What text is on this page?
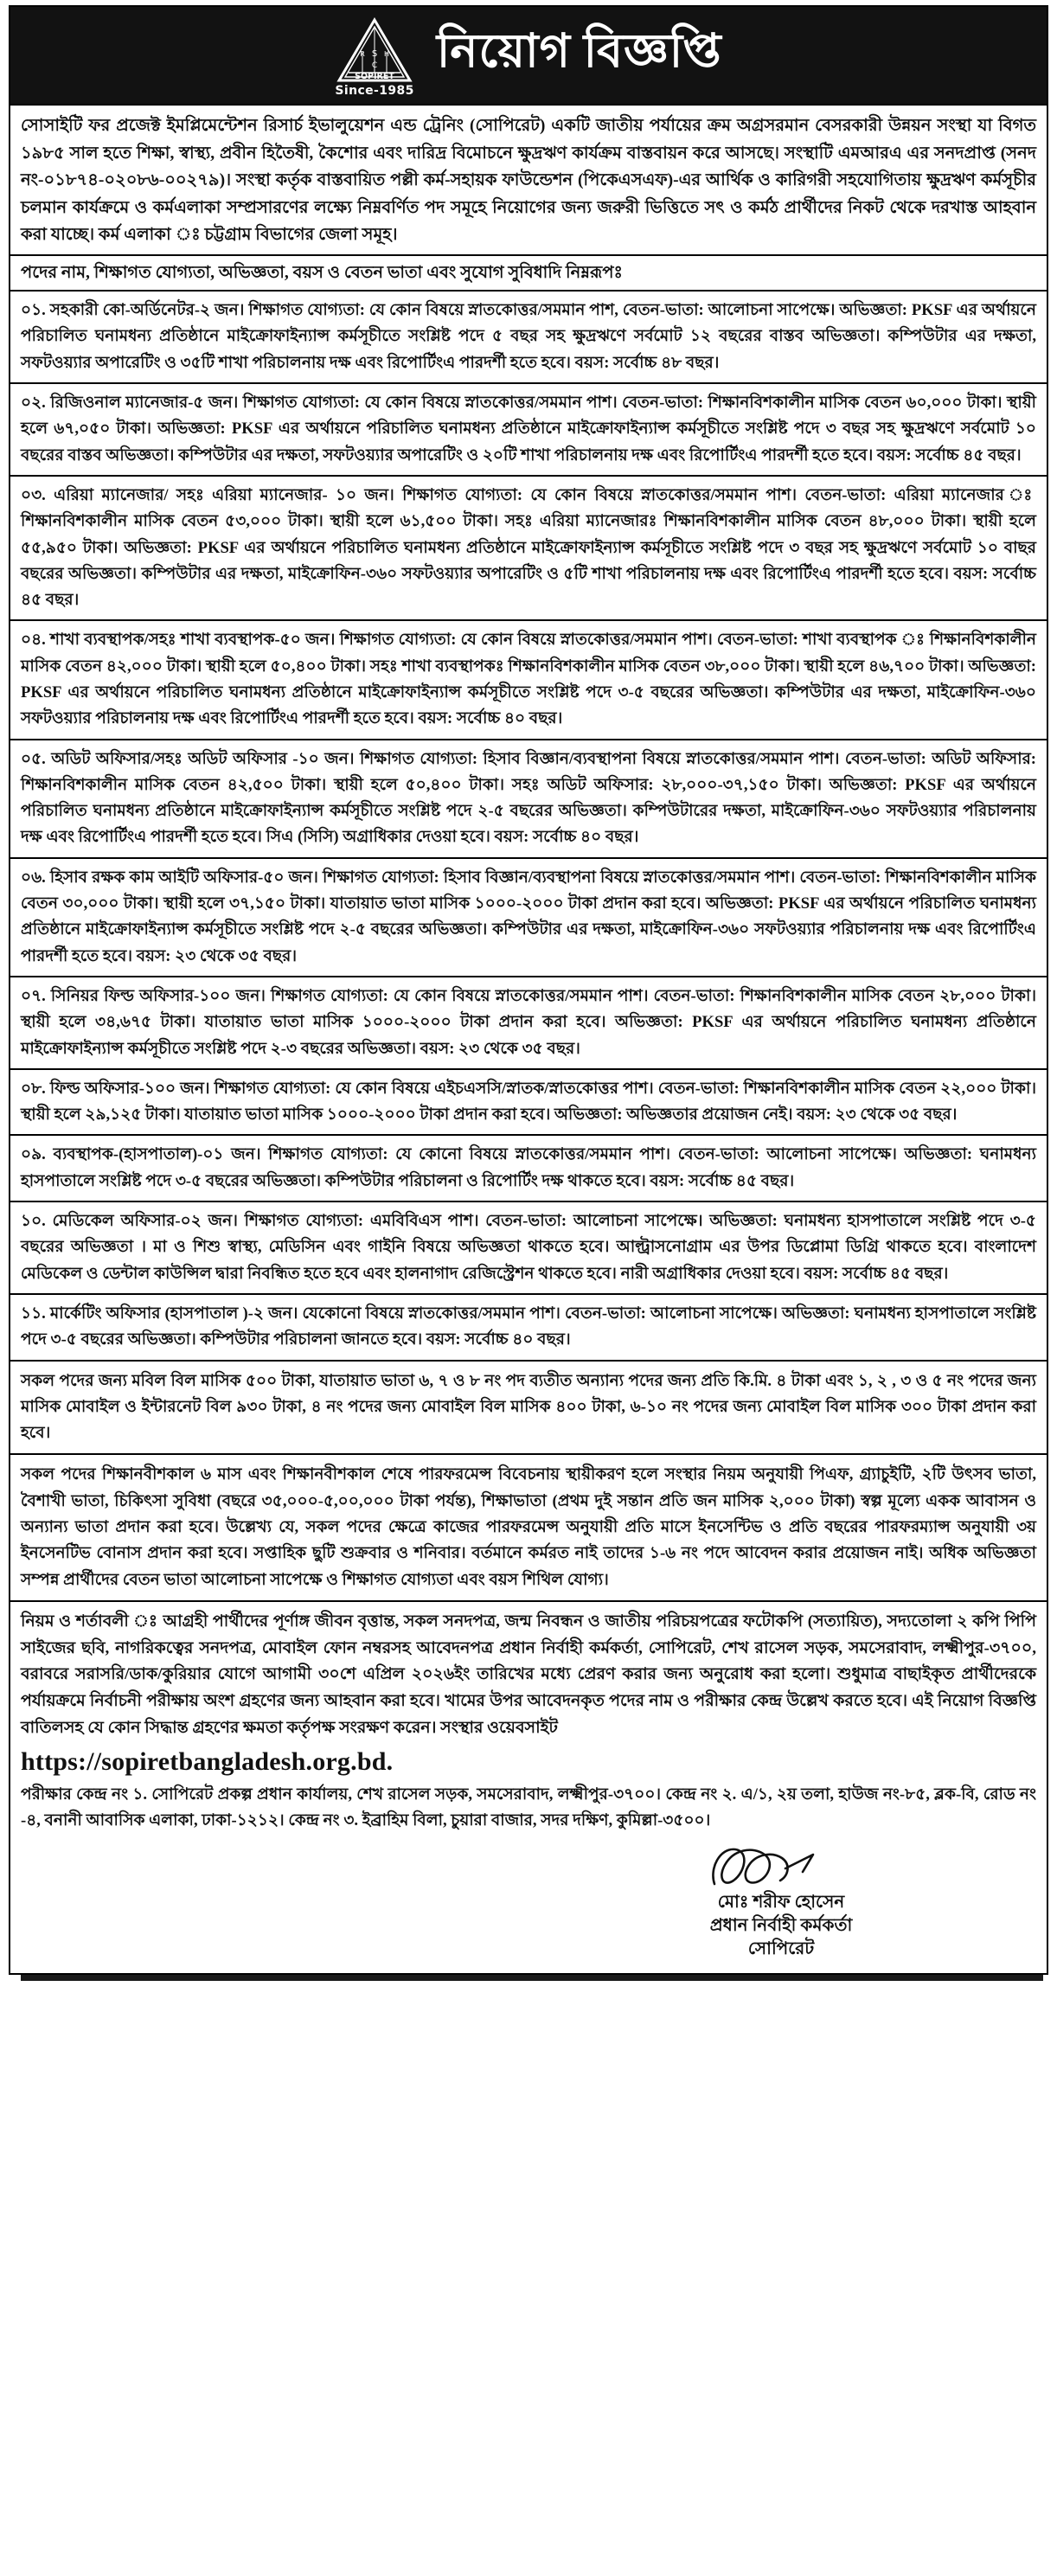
I
S
R	H
C
SOPIRET
Since-1985
নিয়োগ বিজ্ঞপ্তি
সোসাইটি ফর প্রজেক্ট ইমপ্লিমেন্টেশন রিসার্চ ইভালুয়েশন এন্ড ট্রেনিং (সোপিরেট) একটি জাতীয় পর্যায়ের ক্রম অগ্রসরমান বেসরকারী উন্নয়ন সংস্থা যা বিগত ১৯৮৫ সাল হতে শিক্ষা, স্বাস্থ্য, প্রবীন হিতৈষী, কৈশোর এবং দারিদ্র বিমোচনে ক্ষুদ্রঋণ কার্যক্রম বাস্তবায়ন করে আসছে। সংস্থাটি এমআরএ এর সনদপ্রাপ্ত (সনদ নং-০১৮৭৪-০২০৮৬-০০২৭৯)। সংস্থা কর্তৃক বাস্তবায়িত পল্লী কর্ম-সহায়ক ফাউন্ডেশন (পিকেএসএফ)-এর আর্থিক ও কারিগরী সহযোগিতায় ক্ষুদ্রঋণ কর্মসূচীর চলমান কার্যক্রমে ও কর্মএলাকা সম্প্রসারণের লক্ষ্যে নিম্নবর্ণিত পদ সমূহে নিয়োগের জন্য জরুরী ভিত্তিতে সৎ ও কর্মঠ প্রার্থীদের নিকট থেকে দরখাস্ত আহবান করা যাচ্ছে। কর্ম এলাকা ঃ চট্টগ্রাম বিভাগের জেলা সমূহ।
পদের নাম, শিক্ষাগত যোগ্যতা, অভিজ্ঞতা, বয়স ও বেতন ভাতা এবং সুযোগ সুবিধাদি নিম্নরূপঃ
০১. সহকারী কো-অর্ডিনেটর-২ জন। শিক্ষাগত যোগ্যতা: যে কোন বিষয়ে স্নাতকোত্তর/সমমান পাশ, বেতন-ভাতা: আলোচনা সাপেক্ষে। অভিজ্ঞতা: PKSF এর অর্থায়নে পরিচালিত ঘনামধন্য প্রতিষ্ঠানে মাইক্রোফাইন্যান্স কর্মসূচীতে সংশ্লিষ্ট পদে ৫ বছর সহ ক্ষুদ্রঋণে সর্বমোট ১২ বছরের বাস্তব অভিজ্ঞতা। কম্পিউটার এর দক্ষতা, সফটওয়্যার অপারেটিং ও ৩৫টি শাখা পরিচালনায় দক্ষ এবং রিপোর্টিংএ পারদর্শী হতে হবে। বয়স: সর্বোচ্চ ৪৮ বছর।
০২. রিজিওনাল ম্যানেজার-৫ জন। শিক্ষাগত যোগ্যতা: যে কোন বিষয়ে স্নাতকোত্তর/সমমান পাশ। বেতন-ভাতা: শিক্ষানবিশকালীন মাসিক বেতন ৬০,০০০ টাকা। স্থায়ী হলে ৬৭,০৫০ টাকা। অভিজ্ঞতা: PKSF এর অর্থায়নে পরিচালিত ঘনামধন্য প্রতিষ্ঠানে মাইক্রোফাইন্যান্স কর্মসূচীতে সংশ্লিষ্ট পদে ৩ বছর সহ ক্ষুদ্রঋণে সর্বমোট ১০ বছরের বাস্তব অভিজ্ঞতা। কম্পিউটার এর দক্ষতা, সফটওয়্যার অপারেটিং ও ২০টি শাখা পরিচালনায় দক্ষ এবং রিপোর্টিংএ পারদর্শী হতে হবে। বয়স: সর্বোচ্চ ৪৫ বছর।
০৩. এরিয়া ম্যানেজার/ সহঃ এরিয়া ম্যানেজার- ১০ জন। শিক্ষাগত যোগ্যতা: যে কোন বিষয়ে স্নাতকোত্তর/সমমান পাশ। বেতন-ভাতা: এরিয়া ম্যানেজার ঃ শিক্ষানবিশকালীন মাসিক বেতন ৫৩,০০০ টাকা। স্থায়ী হলে ৬১,৫০০ টাকা। সহঃ এরিয়া ম্যানেজারঃ শিক্ষানবিশকালীন মাসিক বেতন ৪৮,০০০ টাকা। স্থায়ী হলে ৫৫,৯৫০ টাকা। অভিজ্ঞতা: PKSF এর অর্থায়নে পরিচালিত ঘনামধন্য প্রতিষ্ঠানে মাইক্রোফাইন্যান্স কর্মসূচীতে সংশ্লিষ্ট পদে ৩ বছর সহ ক্ষুদ্রঋণে সর্বমোট ১০ বাছর বছরের অভিজ্ঞতা। কম্পিউটার এর দক্ষতা, মাইক্রোফিন-৩৬০ সফটওয়্যার অপারেটিং ও ৫টি শাখা পরিচালনায় দক্ষ এবং রিপোর্টিংএ পারদর্শী হতে হবে। বয়স: সর্বোচ্চ ৪৫ বছর।
০৪. শাখা ব্যবস্থাপক/সহঃ শাখা ব্যবস্থাপক-৫০ জন। শিক্ষাগত যোগ্যতা: যে কোন বিষয়ে স্নাতকোত্তর/সমমান পাশ। বেতন-ভাতা: শাখা ব্যবস্থাপক ঃ শিক্ষানবিশকালীন মাসিক বেতন ৪২,০০০ টাকা। স্থায়ী হলে ৫০,৪০০ টাকা। সহঃ শাখা ব্যবস্থাপকঃ শিক্ষানবিশকালীন মাসিক বেতন ৩৮,০০০ টাকা। স্থায়ী হলে ৪৬,৭০০ টাকা। অভিজ্ঞতা: PKSF এর অর্থায়নে পরিচালিত ঘনামধন্য প্রতিষ্ঠানে মাইক্রোফাইন্যান্স কর্মসূচীতে সংশ্লিষ্ট পদে ৩-৫ বছরের অভিজ্ঞতা। কম্পিউটার এর দক্ষতা, মাইক্রোফিন-৩৬০ সফটওয়্যার পরিচালনায় দক্ষ এবং রিপোর্টিংএ পারদর্শী হতে হবে। বয়স: সর্বোচ্চ ৪০ বছর।
০৫. অডিট অফিসার/সহঃ অডিট অফিসার -১০ জন। শিক্ষাগত যোগ্যতা: হিসাব বিজ্ঞান/ব্যবস্থাপনা বিষয়ে স্নাতকোত্তর/সমমান পাশ। বেতন-ভাতা: অডিট অফিসার: শিক্ষানবিশকালীন মাসিক বেতন ৪২,৫০০ টাকা। স্থায়ী হলে ৫০,৪০০ টাকা। সহঃ অডিট অফিসার: ২৮,০০০-৩৭,১৫০ টাকা। অভিজ্ঞতা: PKSF এর অর্থায়নে পরিচালিত ঘনামধন্য প্রতিষ্ঠানে মাইক্রোফাইন্যান্স কর্মসূচীতে সংশ্লিষ্ট পদে ২-৫ বছরের অভিজ্ঞতা। কম্পিউটারের দক্ষতা, মাইক্রোফিন-৩৬০ সফটওয়্যার পরিচালনায় দক্ষ এবং রিপোর্টিংএ পারদর্শী হতে হবে। সিএ (সিসি) অগ্রাধিকার দেওয়া হবে। বয়স: সর্বোচ্চ ৪০ বছর।
০৬. হিসাব রক্ষক কাম আইটি অফিসার-৫০ জন। শিক্ষাগত যোগ্যতা: হিসাব বিজ্ঞান/ব্যবস্থাপনা বিষয়ে স্নাতকোত্তর/সমমান পাশ। বেতন-ভাতা: শিক্ষানবিশকালীন মাসিক বেতন ৩০,০০০ টাকা। স্থায়ী হলে ৩৭,১৫০ টাকা। যাতায়াত ভাতা মাসিক ১০০০-২০০০ টাকা প্রদান করা হবে। অভিজ্ঞতা: PKSF এর অর্থায়নে পরিচালিত ঘনামধন্য প্রতিষ্ঠানে মাইক্রোফাইন্যান্স কর্মসূচীতে সংশ্লিষ্ট পদে ২-৫ বছরের অভিজ্ঞতা। কম্পিউটার এর দক্ষতা, মাইক্রোফিন-৩৬০ সফটওয়্যার পরিচালনায় দক্ষ এবং রিপোর্টিংএ পারদর্শী হতে হবে। বয়স: ২৩ থেকে ৩৫ বছর।
০৭. সিনিয়র ফিল্ড অফিসার-১০০ জন। শিক্ষাগত যোগ্যতা: যে কোন বিষয়ে স্নাতকোত্তর/সমমান পাশ। বেতন-ভাতা: শিক্ষানবিশকালীন মাসিক বেতন ২৮,০০০ টাকা। স্থায়ী হলে ৩৪,৬৭৫ টাকা। যাতায়াত ভাতা মাসিক ১০০০-২০০০ টাকা প্রদান করা হবে। অভিজ্ঞতা: PKSF এর অর্থায়নে পরিচালিত ঘনামধন্য প্রতিষ্ঠানে মাইক্রোফাইন্যান্স কর্মসূচীতে সংশ্লিষ্ট পদে ২-৩ বছরের অভিজ্ঞতা। বয়স: ২৩ থেকে ৩৫ বছর।
০৮. ফিল্ড অফিসার-১০০ জন। শিক্ষাগত যোগ্যতা: যে কোন বিষয়ে এইচএসসি/স্নাতক/স্নাতকোত্তর পাশ। বেতন-ভাতা: শিক্ষানবিশকালীন মাসিক বেতন ২২,০০০ টাকা। স্থায়ী হলে ২৯,১২৫ টাকা। যাতায়াত ভাতা মাসিক ১০০০-২০০০ টাকা প্রদান করা হবে। অভিজ্ঞতা: অভিজ্ঞতার প্রয়োজন নেই। বয়স: ২৩ থেকে ৩৫ বছর।
০৯. ব্যবস্থাপক-(হাসপাতাল)-০১ জন। শিক্ষাগত যোগ্যতা: যে কোনো বিষয়ে স্নাতকোত্তর/সমমান পাশ। বেতন-ভাতা: আলোচনা সাপেক্ষে। অভিজ্ঞতা: ঘনামধন্য হাসপাতালে সংশ্লিষ্ট পদে ৩-৫ বছরের অভিজ্ঞতা। কম্পিউটার পরিচালনা ও রিপোর্টিং দক্ষ থাকতে হবে। বয়স: সর্বোচ্চ ৪৫ বছর।
১০. মেডিকেল অফিসার-০২ জন। শিক্ষাগত যোগ্যতা: এমবিবিএস পাশ। বেতন-ভাতা: আলোচনা সাপেক্ষে। অভিজ্ঞতা: ঘনামধন্য হাসপাতালে সংশ্লিষ্ট পদে ৩-৫ বছরের অভিজ্ঞতা । মা ও শিশু স্বাস্থ্য, মেডিসিন এবং গাইনি বিষয়ে অভিজ্ঞতা থাকতে হবে। আল্ট্রাসনোগ্রাম এর উপর ডিপ্লোমা ডিগ্রি থাকতে হবে। বাংলাদেশ মেডিকেল ও ডেন্টাল কাউন্সিল দ্বারা নিবন্ধিত হতে হবে এবং হালনাগাদ রেজিস্ট্রেশন থাকতে হবে। নারী অগ্রাধিকার দেওয়া হবে। বয়স: সর্বোচ্চ ৪৫ বছর।
১১. মার্কেটিং অফিসার (হাসপাতাল )-২ জন। যেকোনো বিষয়ে স্নাতকোত্তর/সমমান পাশ। বেতন-ভাতা: আলোচনা সাপেক্ষে। অভিজ্ঞতা: ঘনামধন্য হাসপাতালে সংশ্লিষ্ট পদে ৩-৫ বছরের অভিজ্ঞতা। কম্পিউটার পরিচালনা জানতে হবে। বয়স: সর্বোচ্চ ৪০ বছর।
সকল পদের জন্য মবিল বিল মাসিক ৫০০ টাকা, যাতায়াত ভাতা ৬, ৭ ও ৮ নং পদ ব্যতীত অন্যান্য পদের জন্য প্রতি কি.মি. ৪ টাকা এবং ১, ২ , ৩ ও ৫ নং পদের জন্য মাসিক মোবাইল ও ইন্টারনেট বিল ৯৩০ টাকা, ৪ নং পদের জন্য মোবাইল বিল মাসিক ৪০০ টাকা, ৬-১০ নং পদের জন্য মোবাইল বিল মাসিক ৩০০ টাকা প্রদান করা হবে।
সকল পদের শিক্ষানবীশকাল ৬ মাস এবং শিক্ষানবীশকাল শেষে পারফরমেন্স বিবেচনায় স্থায়ীকরণ হলে সংস্থার নিয়ম অনুযায়ী পিএফ, গ্র্যাচুইটি, ২টি উৎসব ভাতা, বৈশাখী ভাতা, চিকিৎসা সুবিধা (বছরে ৩৫,০০০-৫,০০,০০০ টাকা পর্যন্ত), শিক্ষাভাতা (প্রথম দুই সন্তান প্রতি জন মাসিক ২,০০০ টাকা) স্বল্প মূল্যে একক আবাসন ও অন্যান্য ভাতা প্রদান করা হবে। উল্লেখ্য যে, সকল পদের ক্ষেত্রে কাজের পারফরমেন্স অনুযায়ী প্রতি মাসে ইনসেন্টিভ ও প্রতি বছরের পারফরম্যান্স অনুযায়ী ৩য় ইনসেনটিভ বোনাস প্রদান করা হবে। সপ্তাহিক ছুটি শুক্রবার ও শনিবার। বর্তমানে কর্মরত নাই তাদের ১-৬ নং পদে আবেদন করার প্রয়োজন নাই। অধিক অভিজ্ঞতা সম্পন্ন প্রার্থীদের বেতন ভাতা আলোচনা সাপেক্ষে ও শিক্ষাগত যোগ্যতা এবং বয়স শিথিল যোগ্য।
নিয়ম ও শর্তাবলী ঃ আগ্রহী পার্থীদের পূর্ণাঙ্গ জীবন বৃত্তান্ত, সকল সনদপত্র, জন্ম নিবন্ধন ও জাতীয় পরিচয়পত্রের ফটোকপি (সত্যায়িত), সদ্যতোলা ২ কপি পিপি সাইজের ছবি, নাগরিকত্বের সনদপত্র, মোবাইল ফোন নম্বরসহ আবেদনপত্র প্রধান নির্বাহী কর্মকর্তা, সোপিরেট, শেখ রাসেল সড়ক, সমসেরাবাদ, লক্ষ্মীপুর-৩৭০০, বরাবরে সরাসরি/ডাক/কুরিয়ার যোগে আগামী ৩০শে এপ্রিল ২০২৬ইং তারিখের মধ্যে প্রেরণ করার জন্য অনুরোধ করা হলো। শুধুমাত্র বাছাইকৃত প্রার্থীদেরকে পর্যায়ক্রমে নির্বাচনী পরীক্ষায় অংশ গ্রহণের জন্য আহবান করা হবে। খামের উপর আবেদনকৃত পদের নাম ও পরীক্ষার কেন্দ্র উল্লেখ করতে হবে। এই নিয়োগ বিজ্ঞপ্তি বাতিলসহ যে কোন সিদ্ধান্ত গ্রহণের ক্ষমতা কর্তৃপক্ষ সংরক্ষণ করেন। সংস্থার ওয়েবসাইট
https://sopiretbangladesh.org.bd.
পরীক্ষার কেন্দ্র নং ১. সোপিরেট প্রকল্প প্রধান কার্যালয়, শেখ রাসেল সড়ক, সমসেরাবাদ, লক্ষ্মীপুর-৩৭০০। কেন্দ্র নং ২. এ/১, ২য় তলা, হাউজ নং-৮৫, ব্লক-বি, রোড নং -৪, বনানী আবাসিক এলাকা, ঢাকা-১২১২। কেন্দ্র নং ৩. ইব্রাহিম বিলা, চুয়ারা বাজার, সদর দক্ষিণ, কুমিল্লা-৩৫০০।
মোঃ শরীফ হোসেন
প্রধান নির্বাহী কর্মকর্তা
সোপিরেট
